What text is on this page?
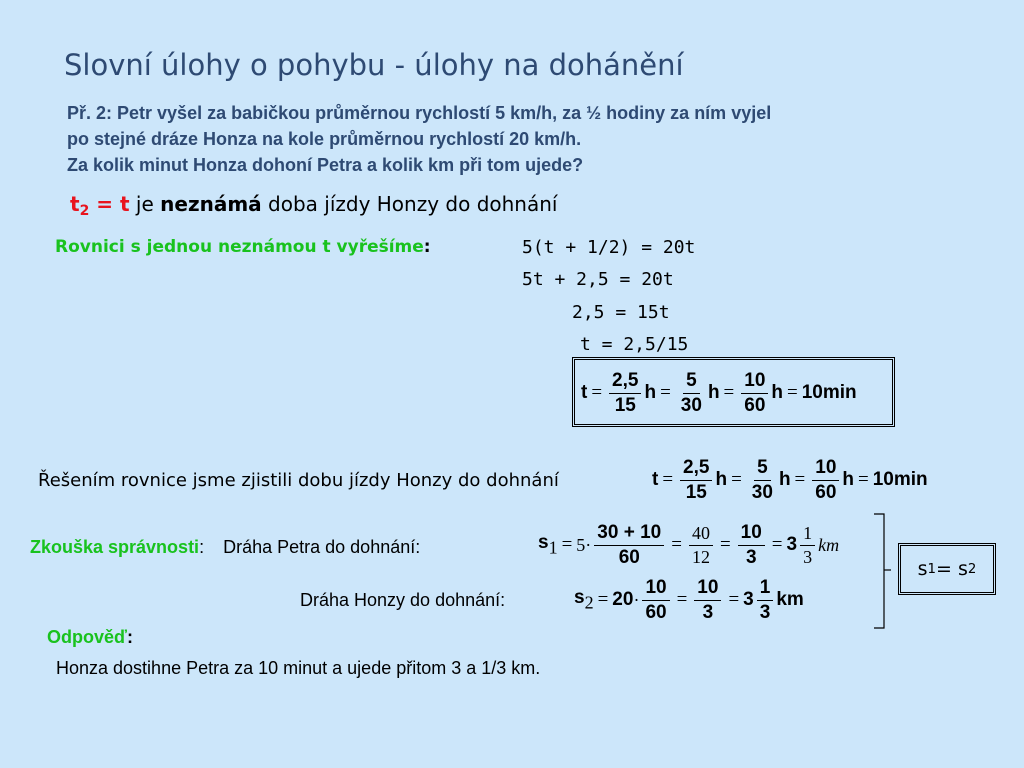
Slovní úlohy o pohybu - úlohy na dohánění
Př. 2: Petr vyšel za babičkou průměrnou rychlostí 5 km/h, za ½ hodiny za ním vyjel
po stejné dráze Honza na kole průměrnou rychlostí 20 km/h.
Za kolik minut Honza dohoní Petra a kolik km při tom ujede?
$t_2 = t$ je neznámá doba jízdy Honzy do dohnání
Rovnici s jednou neznámou t vyřešíme:	5(t + 1/2) = 20t
5t + 2,5 = 20t
2,5 = 15t
t = 2,5/15
$t = \frac{2,5}{15}$ $h = \frac{5}{30}$ $h = \frac{10}{60}$ h = 10min
Řešením rovnice jsme zjistili dobu jízdy Honzy do dohnání	$t = \frac{2,5}{15}$ $h = \frac{5}{30}$ $h = \frac{10}{60}$ h = 10min
Zkouška správnosti: Dráha Petra do dohnání:	$s1 = 5 \cdot \frac{30 + 10}{60} = \frac{40}{12} = \frac{10}{3} = 3$
1
3
km
Dráha Honzy do dohnání:	$s2 = 20 \cdot \frac{10}{60} = \frac{10}{3} = 3$
1
3
km
s 1 = s 2
Odpověď:
Honza dostihne Petra za 10 minut a ujede přitom 3 a 1/3 km.
